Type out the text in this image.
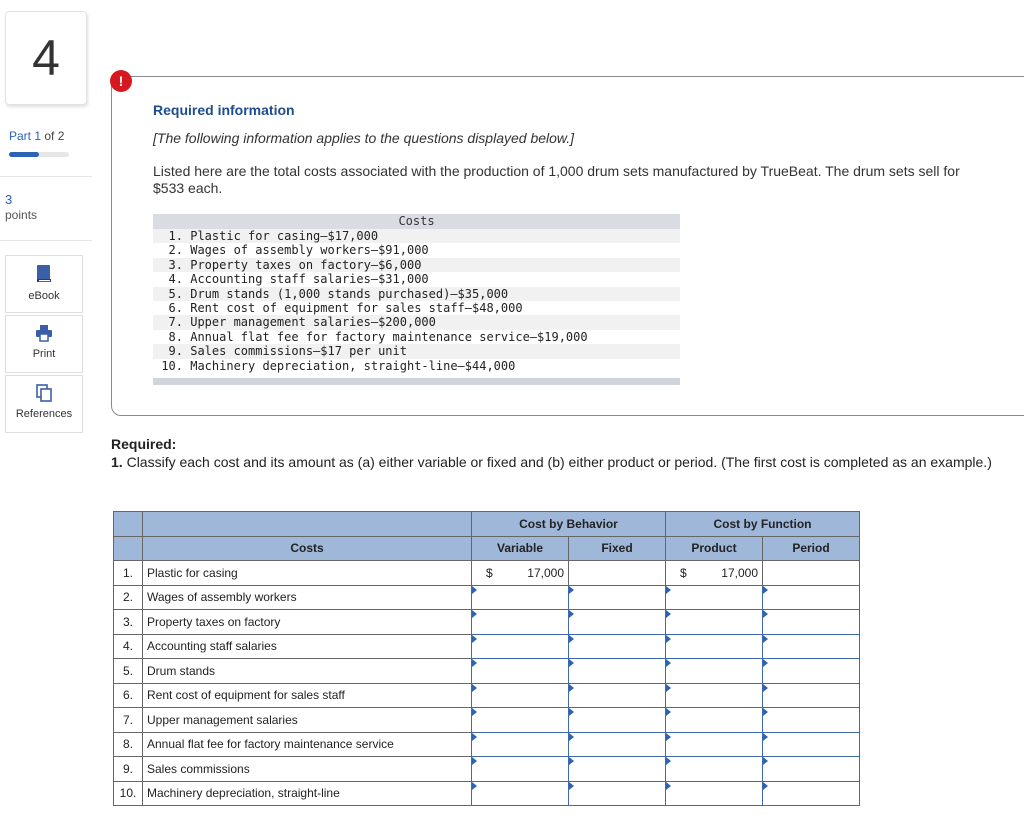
4
Part 1 of 2
3
points
eBook
Print
References
!
Required information
[The following information applies to the questions displayed below.]
Listed here are the total costs associated with the production of 1,000 drum sets manufactured by TrueBeat. The drum sets sell for $533 each.
Costs
1. Plastic for casing—$17,000
2. Wages of assembly workers—$91,000
3. Property taxes on factory—$6,000
4. Accounting staff salaries—$31,000
5. Drum stands (1,000 stands purchased)—$35,000
6. Rent cost of equipment for sales staff—$48,000
7. Upper management salaries—$200,000
8. Annual flat fee for factory maintenance service—$19,000
9. Sales commissions—$17 per unit
10. Machinery depreciation, straight-line—$44,000
Required:
1. Classify each cost and its amount as (a) either variable or fixed and (b) either product or period. (The first cost is completed as an example.)
		Cost by Behavior		Cost by Function	
	Costs	Variable	Fixed	Product	Period
1.	Plastic for casing	$ 17,000		$ 17,000	

2.	Wages of assembly workers				
3.	Property taxes on factory				
4.	Accounting staff salaries				
5.	Drum stands				
6.	Rent cost of equipment for sales staff				
7.	Upper management salaries				
8.	Annual flat fee for factory maintenance service				
9.	Sales commissions				
10.	Machinery depreciation, straight-line				
